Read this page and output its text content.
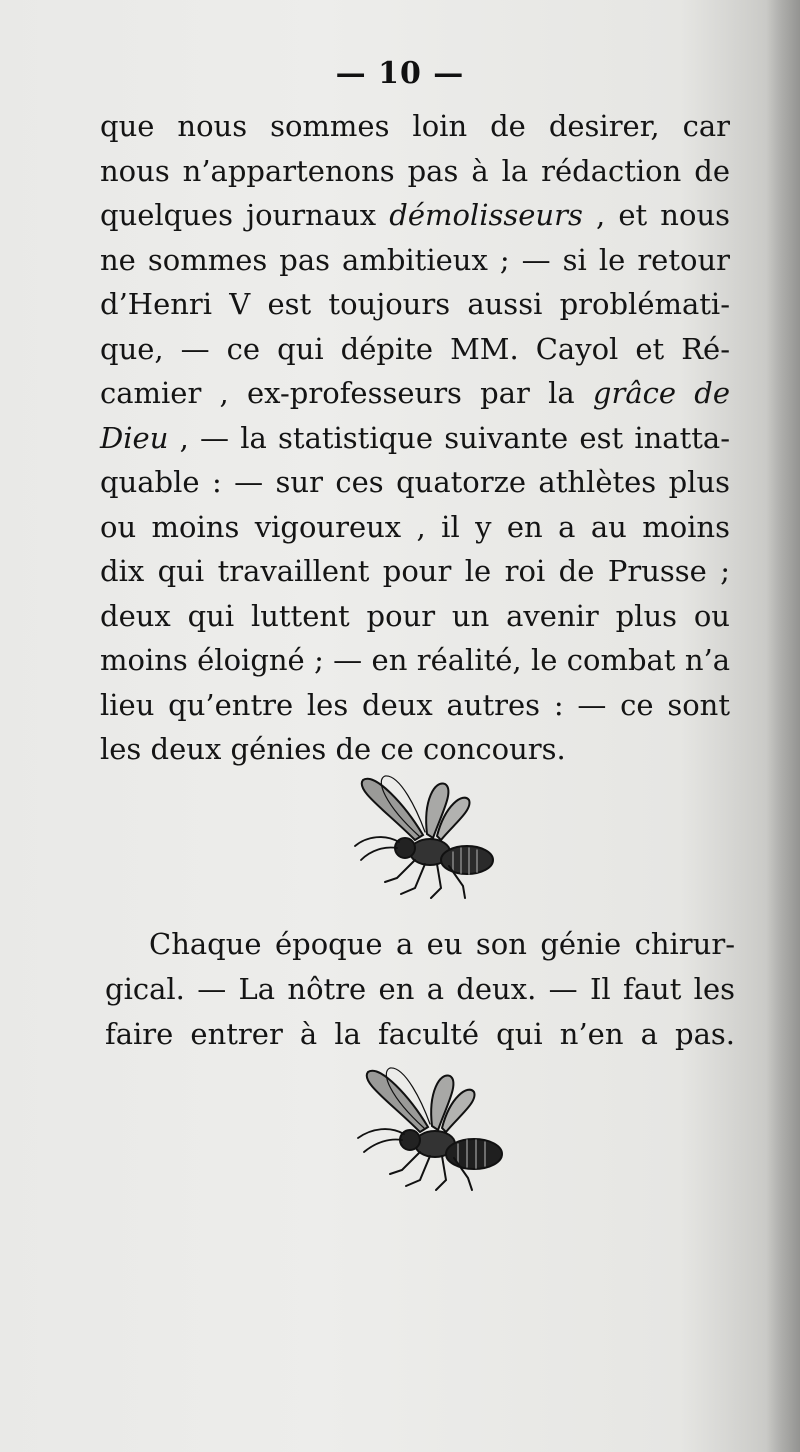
— 10 —
que nous sommes loin de desirer, car
nous n’appartenons pas à la rédaction de
quelques journaux démolisseurs , et nous
ne sommes pas ambitieux ; — si le retour
d’Henri V est toujours aussi problémati-
que, — ce qui dépite MM. Cayol et Ré-
camier , ex-professeurs par la grâce de
Dieu , — la statistique suivante est inatta-
quable : — sur ces quatorze athlètes plus
ou moins vigoureux , il y en a au moins
dix qui travaillent pour le roi de Prusse ;
deux qui luttent pour un avenir plus ou
moins éloigné ; — en réalité, le combat n’a
lieu qu’entre les deux autres : — ce sont
les deux génies de ce concours.
Chaque époque a eu son génie chirur-
gical. — La nôtre en a deux. — Il faut les
faire entrer à la faculté qui n’en a pas.
